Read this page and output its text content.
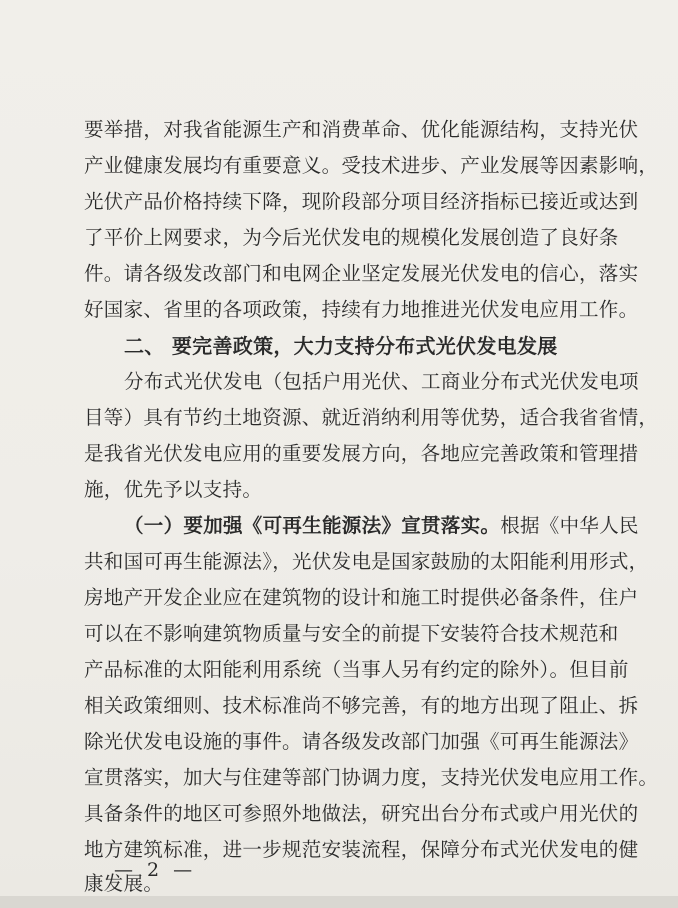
要举措，对我省能源生产和消费革命、优化能源结构，支持光伏
产业健康发展均有重要意义。受技术进步、产业发展等因素影响，
光伏产品价格持续下降，现阶段部分项目经济指标已接近或达到
了平价上网要求，为今后光伏发电的规模化发展创造了良好条
件。请各级发改部门和电网企业坚定发展光伏发电的信心，落实
好国家、省里的各项政策，持续有力地推进光伏发电应用工作。
二、 要完善政策，大力支持分布式光伏发电发展
分布式光伏发电（包括户用光伏、工商业分布式光伏发电项
目等）具有节约土地资源、就近消纳利用等优势，适合我省省情，
是我省光伏发电应用的重要发展方向，各地应完善政策和管理措
施，优先予以支持。
（一）要加强《可再生能源法》宣贯落实。根据《中华人民
共和国可再生能源法》，光伏发电是国家鼓励的太阳能利用形式，
房地产开发企业应在建筑物的设计和施工时提供必备条件，住户
可以在不影响建筑物质量与安全的前提下安装符合技术规范和
产品标准的太阳能利用系统（当事人另有约定的除外）。但目前
相关政策细则、技术标准尚不够完善，有的地方出现了阻止、拆
除光伏发电设施的事件。请各级发改部门加强《可再生能源法》
宣贯落实，加大与住建等部门协调力度，支持光伏发电应用工作。
具备条件的地区可参照外地做法，研究出台分布式或户用光伏的
地方建筑标准，进一步规范安装流程，保障分布式光伏发电的健
康发展。
— 2 —
